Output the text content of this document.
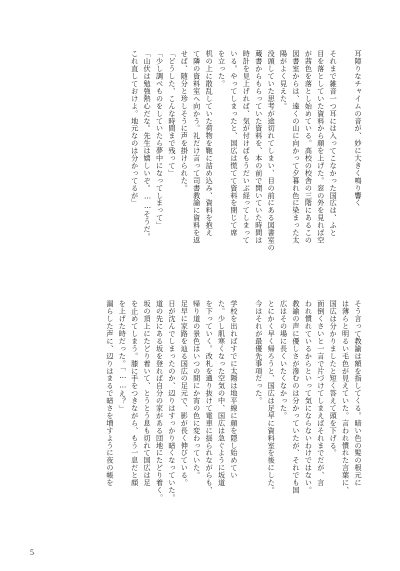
耳障りなチャイムの音が、妙に大きく鳴り響く
それまで雑音一つ耳には入ってこなかった国広は、ふと
目を落としていた資料から顔を上げた。窓の外を見れば空
が茜色を落とし始めている。高校の校舎の三階にあるこの
図書室からは、遠くの山に向かって夕暮れ色に染まった太
陽がよく見えた。
没頭していた思考が途切れてしまい、目の前にある図書室の
蔵書からもらっていた資料を、本の前で開いていた時間は
時計を見上げれば、気が付けばもうだいぶ経ってしまって
いる。やってしまったと、国広は慌てて資料を閉じて席
を立った。
机の上に散乱していた荷物を鞄に詰め込み、資料を抱え
て隣の資料室へ向かう。礼だけ言って司書教諭に資料を返
せば、随分と珍しそうに声を掛けられた。
「どうした、こんな時間まで残って」
「少し調べものをしていたら夢中になってしまって」
「山伏は勉強熱心だな。先生は嬉しいぞ。……そうだ。
これ直しておけよ。地元なのは分かってるが」
そう言って教諭は額を指してくる。暗い色の髪の根元に
は薄らと明るい毛色が見えていた。言われ慣れた言葉に、
国広は分かりましたと短く答えて頭を下げる。
面倒くさいと一言で片づけてしまえばそれまでだが、言
われ慣れているからといって気にならないわけではない。
教諭の声に優しさが滲むのは分かっていたが、それでも国
広はその場に長くいたくなかった。
とにかく早く帰ろうと、国広は足早に資料室を後にした。
今はそれが最優先事項だった。
学校を出ればすでに太陽は地平線に顔を隠し始めてい
た。少し肌寒くなった空気の中、国広は急ぐように坂道
を下っていく。改札を通り抜けて電車に揺られながらも、
帰り道の景色はいつの間にか宵の色に変わっていた。
足早に家路を辿る国広の足元で、影が長く伸びている。
日が沈んでしまったのか、辺りはすっかり暗くなっていた。
道の先にある坂を登れば自分の家がある団地にたどり着く。
坂の頂上にたどり着いて、とうとう息も切れて国広は足
を止めてしまう。膝に手をつきながら、もう一息だと顔
を上げた時だった。「……え？」
漏らした声に、辺りはまるで暗さを増すように夜の帳を
5
